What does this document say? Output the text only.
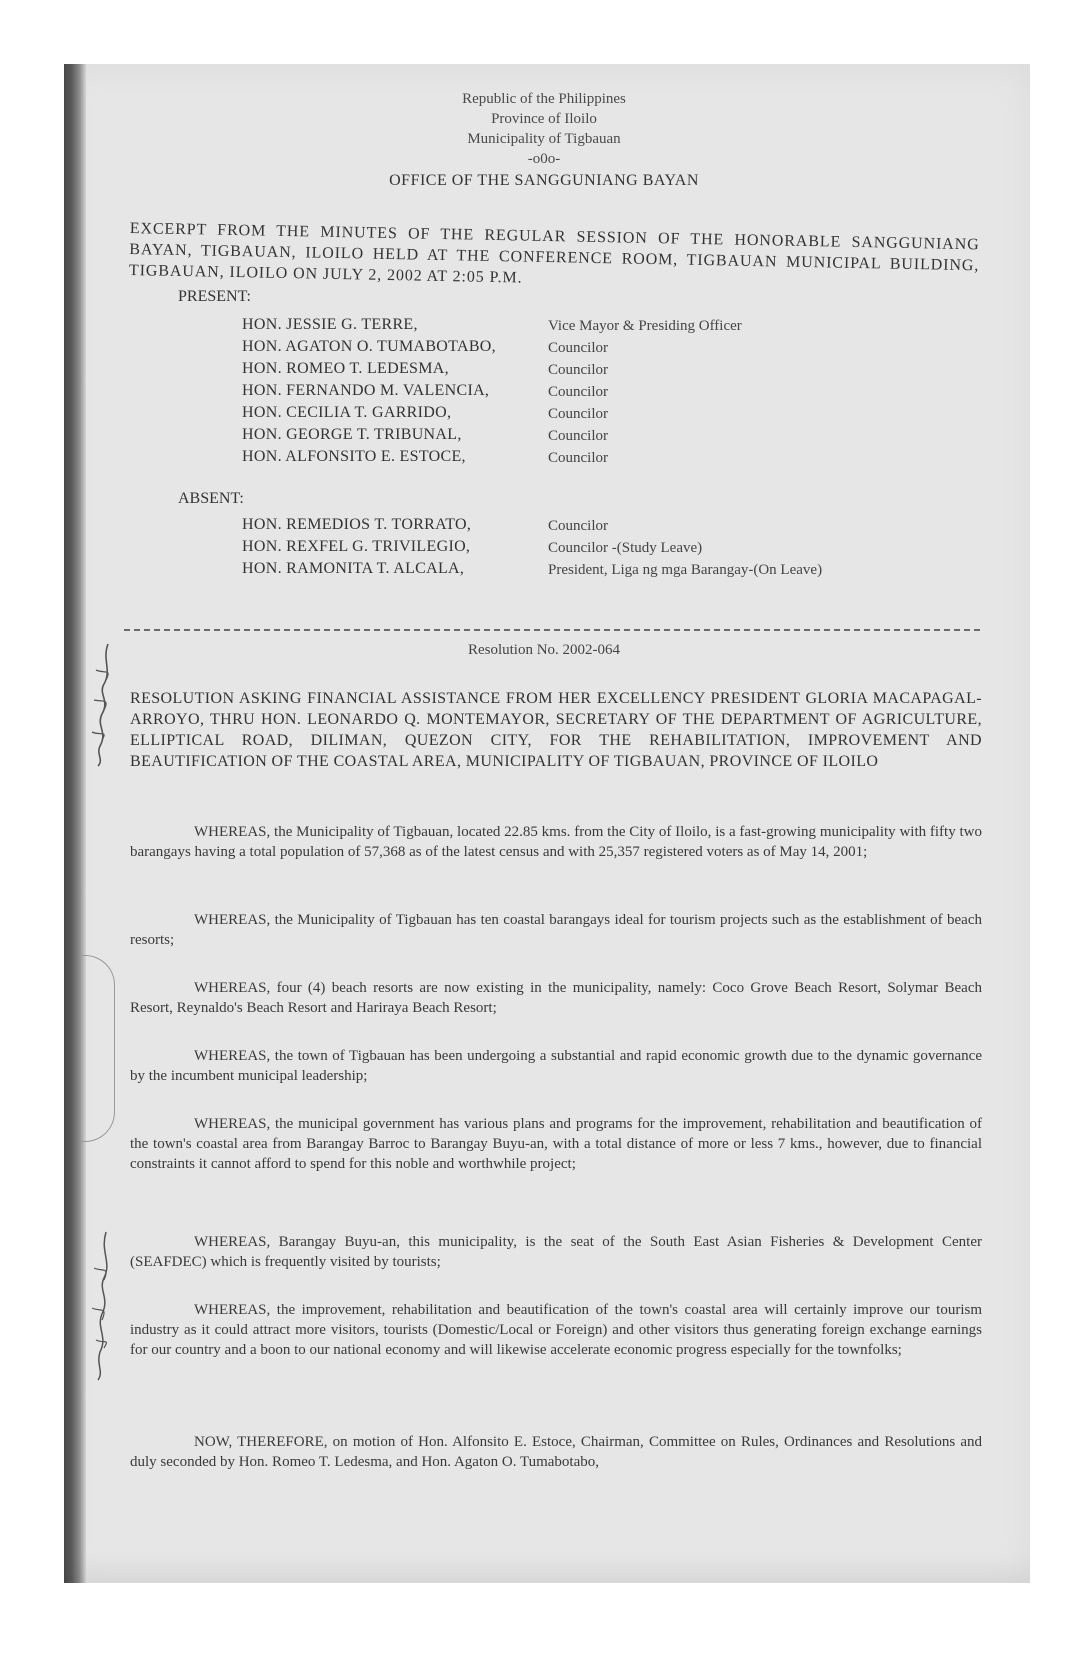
Republic of the Philippines
Province of Iloilo
Municipality of Tigbauan
-o0o-
OFFICE OF THE SANGGUNIANG BAYAN
EXCERPT FROM THE MINUTES OF THE REGULAR SESSION OF THE HONORABLE SANGGUNIANG BAYAN, TIGBAUAN, ILOILO HELD AT THE CONFERENCE ROOM, TIGBAUAN MUNICIPAL BUILDING, TIGBAUAN, ILOILO ON JULY 2, 2002 AT 2:05 P.M.
PRESENT:
HON. JESSIE G. TERRE,	Vice Mayor & Presiding Officer
HON. AGATON O. TUMABOTABO,	Councilor
HON. ROMEO T. LEDESMA,	Councilor
HON. FERNANDO M. VALENCIA,	Councilor
HON. CECILIA T. GARRIDO,	Councilor
HON. GEORGE T. TRIBUNAL,	Councilor
HON. ALFONSITO E. ESTOCE,	Councilor
ABSENT:
HON. REMEDIOS T. TORRATO,	Councilor
HON. REXFEL G. TRIVILEGIO,	Councilor -(Study Leave)
HON. RAMONITA T. ALCALA,	President, Liga ng mga Barangay-(On Leave)
Resolution No. 2002-064
RESOLUTION ASKING FINANCIAL ASSISTANCE FROM HER EXCELLENCY PRESIDENT GLORIA MACAPAGAL-ARROYO, THRU HON. LEONARDO Q. MONTEMAYOR, SECRETARY OF THE DEPARTMENT OF AGRICULTURE, ELLIPTICAL ROAD, DILIMAN, QUEZON CITY, FOR THE REHABILITATION, IMPROVEMENT AND BEAUTIFICATION OF THE COASTAL AREA, MUNICIPALITY OF TIGBAUAN, PROVINCE OF ILOILO
WHEREAS, the Municipality of Tigbauan, located 22.85 kms. from the City of Iloilo, is a fast-growing municipality with fifty two barangays having a total population of 57,368 as of the latest census and with 25,357 registered voters as of May 14, 2001;
WHEREAS, the Municipality of Tigbauan has ten coastal barangays ideal for tourism projects such as the establishment of beach resorts;
WHEREAS, four (4) beach resorts are now existing in the municipality, namely: Coco Grove Beach Resort, Solymar Beach Resort, Reynaldo's Beach Resort and Hariraya Beach Resort;
WHEREAS, the town of Tigbauan has been undergoing a substantial and rapid economic growth due to the dynamic governance by the incumbent municipal leadership;
WHEREAS, the municipal government has various plans and programs for the improvement, rehabilitation and beautification of the town's coastal area from Barangay Barroc to Barangay Buyu-an, with a total distance of more or less 7 kms., however, due to financial constraints it cannot afford to spend for this noble and worthwhile project;
WHEREAS, Barangay Buyu-an, this municipality, is the seat of the South East Asian Fisheries & Development Center (SEAFDEC) which is frequently visited by tourists;
WHEREAS, the improvement, rehabilitation and beautification of the town's coastal area will certainly improve our tourism industry as it could attract more visitors, tourists (Domestic/Local or Foreign) and other visitors thus generating foreign exchange earnings for our country and a boon to our national economy and will likewise accelerate economic progress especially for the townfolks;
NOW, THEREFORE, on motion of Hon. Alfonsito E. Estoce, Chairman, Committee on Rules, Ordinances and Resolutions and duly seconded by Hon. Romeo T. Ledesma, and Hon. Agaton O. Tumabotabo,
